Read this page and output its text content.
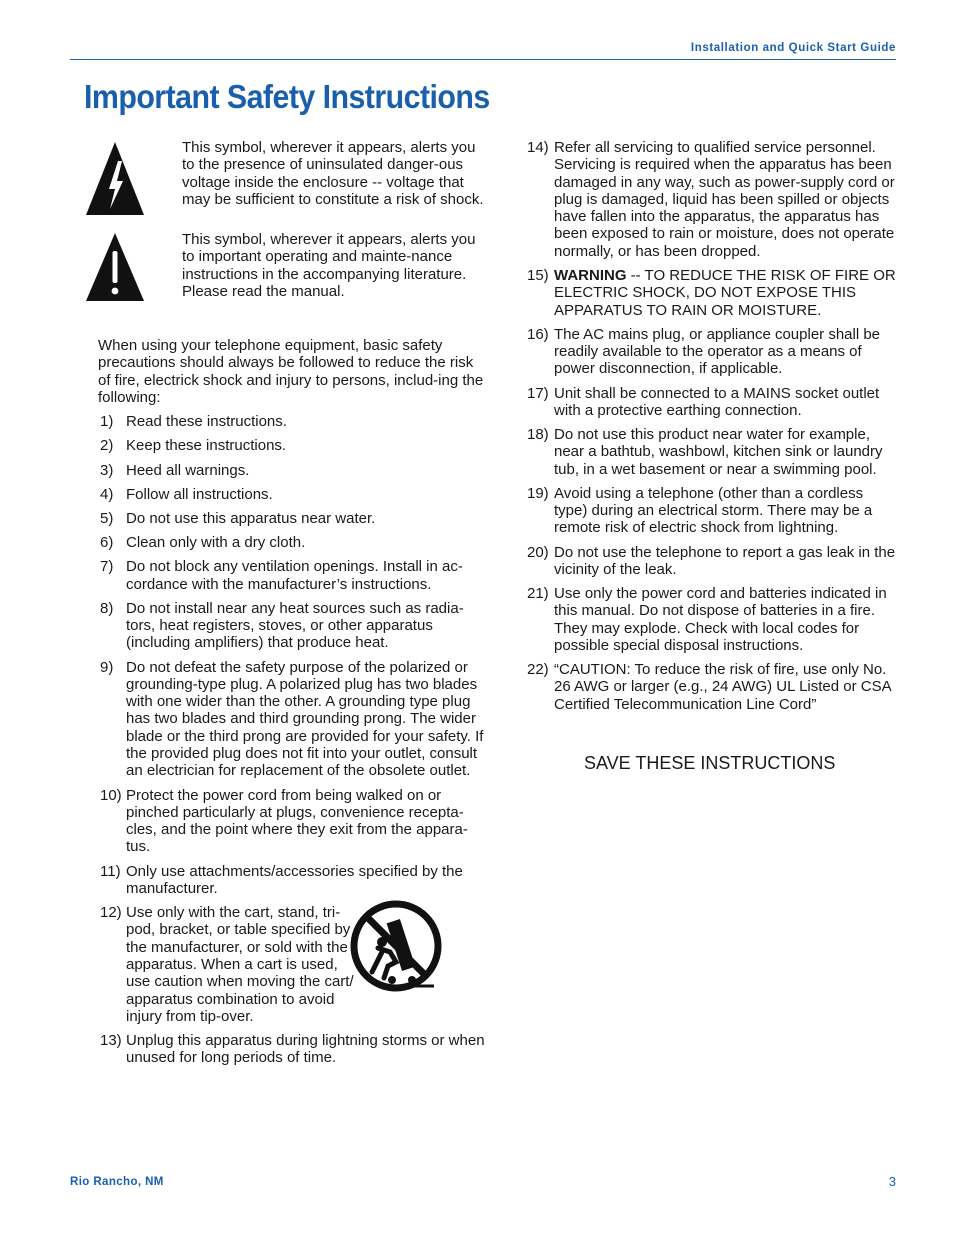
Installation and Quick Start Guide
Important Safety Instructions
This symbol, wherever it appears, alerts you to the presence of uninsulated danger-ous voltage inside the enclosure -- voltage that may be sufficient to constitute a risk of shock.
This symbol, wherever it appears, alerts you to important operating and mainte-nance instructions in the accompanying literature. Please read the manual.
When using your telephone equipment, basic safety precautions should always be followed to reduce the risk of fire, electrick shock and injury to persons, includ-ing the following:
1) Read these instructions.
2) Keep these instructions.
3) Heed all warnings.
4) Follow all instructions.
5) Do not use this apparatus near water.
6) Clean only with a dry cloth.
7) Do not block any ventilation openings. Install in ac-cordance with the manufacturer’s instructions.
8) Do not install near any heat sources such as radia-tors, heat registers, stoves, or other apparatus (including amplifiers) that produce heat.
9) Do not defeat the safety purpose of the polarized or grounding-type plug. A polarized plug has two blades with one wider than the other. A grounding type plug has two blades and third grounding prong. The wider blade or the third prong are provided for your safety. If the provided plug does not fit into your outlet, consult an electrician for replacement of the obsolete outlet.
10) Protect the power cord from being walked on or pinched particularly at plugs, convenience recepta-cles, and the point where they exit from the appara-tus.
11) Only use attachments/accessories specified by the manufacturer.
12) Use only with the cart, stand, tri-pod, bracket, or table specified by the manufacturer, or sold with the apparatus. When a cart is used, use caution when moving the cart/ apparatus combination to avoid injury from tip-over.
13) Unplug this apparatus during lightning storms or when unused for long periods of time.
14) Refer all servicing to qualified service personnel. Servicing is required when the apparatus has been damaged in any way, such as power-supply cord or plug is damaged, liquid has been spilled or objects have fallen into the apparatus, the apparatus has been exposed to rain or moisture, does not operate normally, or has been dropped.
15) WARNING -- TO REDUCE THE RISK OF FIRE OR ELECTRIC SHOCK, DO NOT EXPOSE THIS APPARATUS TO RAIN OR MOISTURE.
16) The AC mains plug, or appliance coupler shall be readily available to the operator as a means of power disconnection, if applicable.
17) Unit shall be connected to a MAINS socket outlet with a protective earthing connection.
18) Do not use this product near water for example, near a bathtub, washbowl, kitchen sink or laundry tub, in a wet basement or near a swimming pool.
19) Avoid using a telephone (other than a cordless type) during an electrical storm. There may be a remote risk of electric shock from lightning.
20) Do not use the telephone to report a gas leak in the vicinity of the leak.
21) Use only the power cord and batteries indicated in this manual. Do not dispose of batteries in a fire. They may explode. Check with local codes for possible special disposal instructions.
22) “CAUTION: To reduce the risk of fire, use only No. 26 AWG or larger (e.g., 24 AWG) UL Listed or CSA Certified Telecommunication Line Cord”
SAVE THESE INSTRUCTIONS
Rio Rancho, NM	3
